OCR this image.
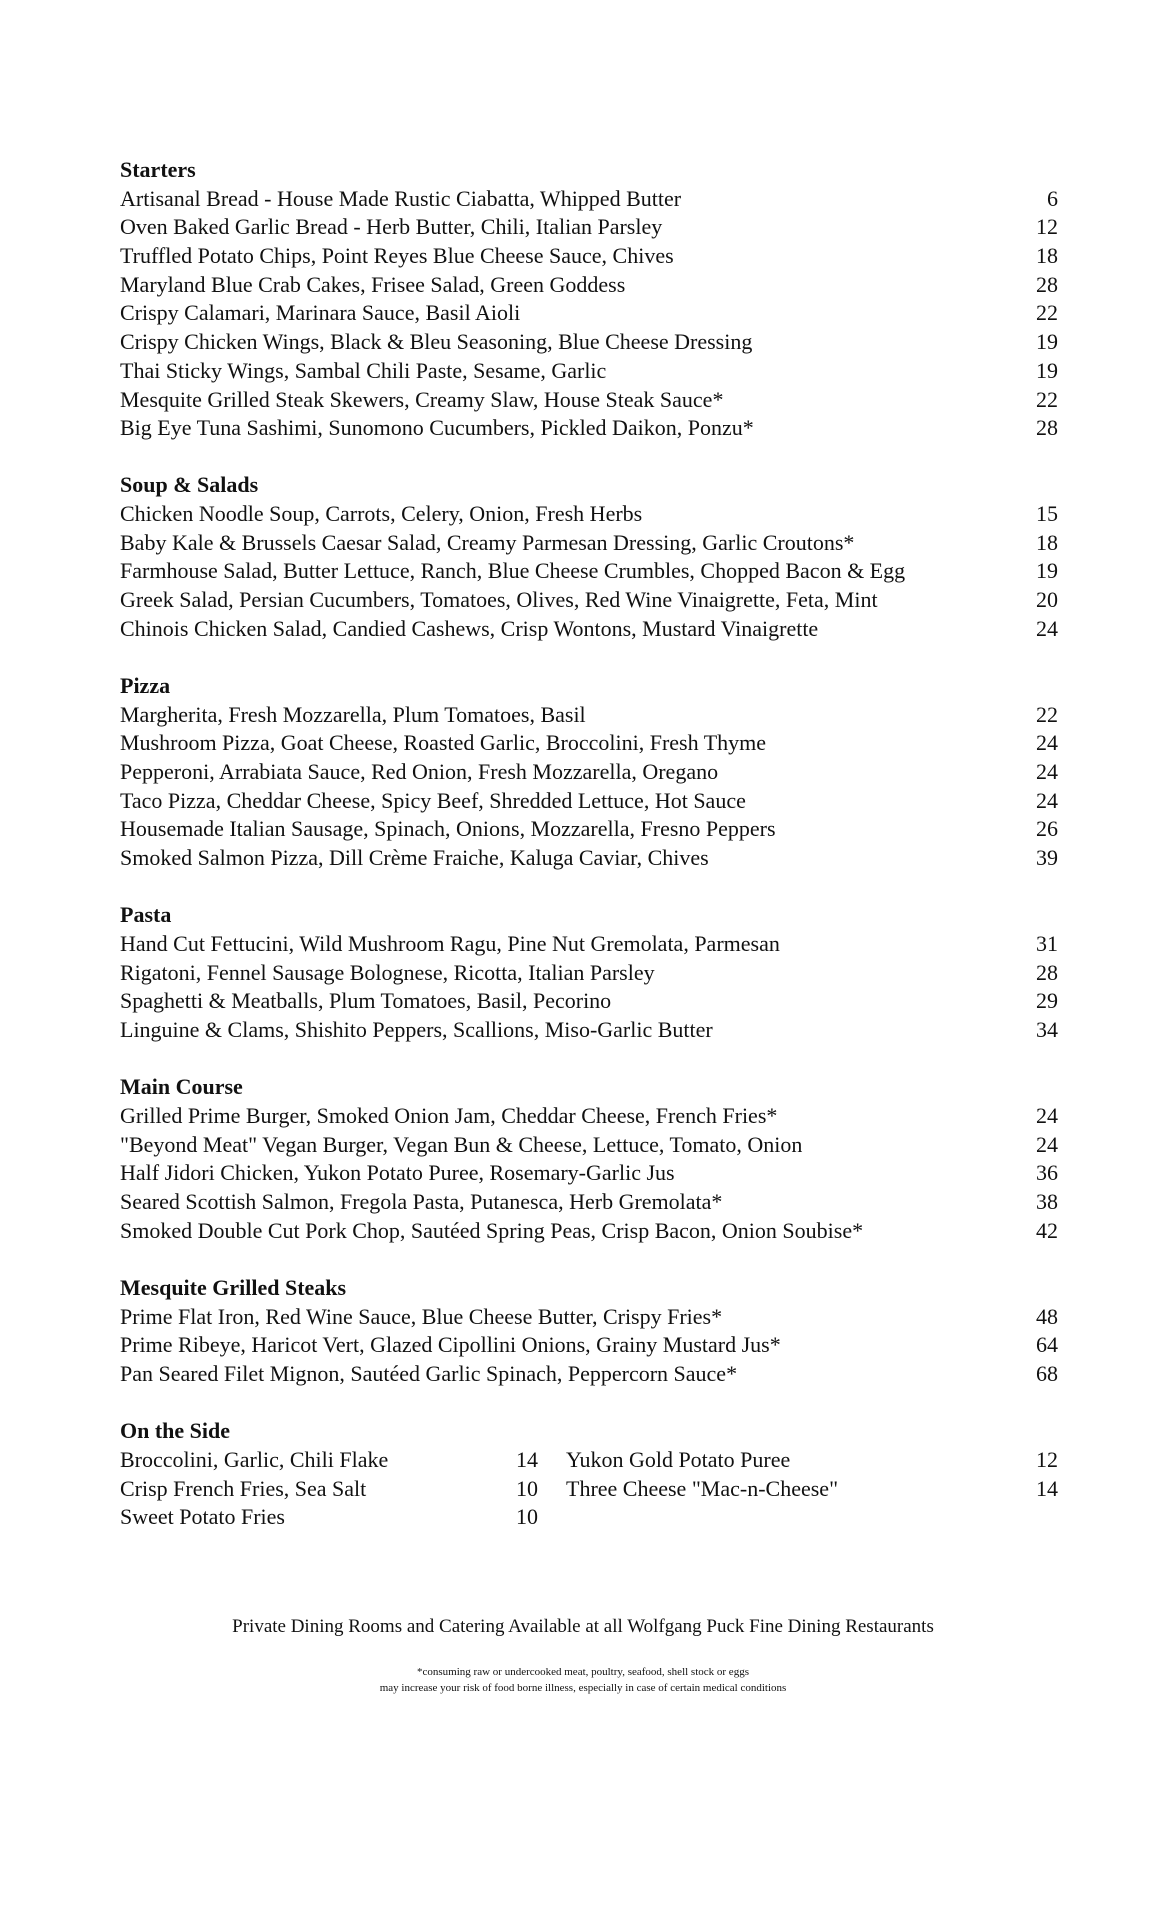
Starters
Artisanal Bread - House Made Rustic Ciabatta, Whipped Butter	6
Oven Baked Garlic Bread - Herb Butter, Chili, Italian Parsley	12
Truffled Potato Chips, Point Reyes Blue Cheese Sauce, Chives	18
Maryland Blue Crab Cakes, Frisee Salad, Green Goddess	28
Crispy Calamari, Marinara Sauce, Basil Aioli	22
Crispy Chicken Wings, Black & Bleu Seasoning, Blue Cheese Dressing	19
Thai Sticky Wings, Sambal Chili Paste, Sesame, Garlic	19
Mesquite Grilled Steak Skewers, Creamy Slaw, House Steak Sauce*	22
Big Eye Tuna Sashimi, Sunomono Cucumbers, Pickled Daikon, Ponzu*	28
Soup & Salads
Chicken Noodle Soup, Carrots, Celery, Onion, Fresh Herbs	15
Baby Kale & Brussels Caesar Salad, Creamy Parmesan Dressing, Garlic Croutons*	18
Farmhouse Salad, Butter Lettuce, Ranch, Blue Cheese Crumbles, Chopped Bacon & Egg	19
Greek Salad, Persian Cucumbers, Tomatoes, Olives, Red Wine Vinaigrette, Feta, Mint	20
Chinois Chicken Salad, Candied Cashews, Crisp Wontons, Mustard Vinaigrette	24
Pizza
Margherita, Fresh Mozzarella, Plum Tomatoes, Basil	22
Mushroom Pizza, Goat Cheese, Roasted Garlic, Broccolini, Fresh Thyme	24
Pepperoni, Arrabiata Sauce, Red Onion, Fresh Mozzarella, Oregano	24
Taco Pizza, Cheddar Cheese, Spicy Beef, Shredded Lettuce, Hot Sauce	24
Housemade Italian Sausage, Spinach, Onions, Mozzarella, Fresno Peppers	26
Smoked Salmon Pizza, Dill Crème Fraiche, Kaluga Caviar, Chives	39
Pasta
Hand Cut Fettucini, Wild Mushroom Ragu, Pine Nut Gremolata, Parmesan	31
Rigatoni, Fennel Sausage Bolognese, Ricotta, Italian Parsley	28
Spaghetti & Meatballs, Plum Tomatoes, Basil, Pecorino	29
Linguine & Clams, Shishito Peppers, Scallions, Miso-Garlic Butter	34
Main Course
Grilled Prime Burger, Smoked Onion Jam, Cheddar Cheese, French Fries*	24
"Beyond Meat" Vegan Burger, Vegan Bun & Cheese, Lettuce, Tomato, Onion	24
Half Jidori Chicken, Yukon Potato Puree, Rosemary-Garlic Jus	36
Seared Scottish Salmon, Fregola Pasta, Putanesca, Herb Gremolata*	38
Smoked Double Cut Pork Chop, Sautéed Spring Peas, Crisp Bacon, Onion Soubise*	42
Mesquite Grilled Steaks
Prime Flat Iron, Red Wine Sauce, Blue Cheese Butter, Crispy Fries*	48
Prime Ribeye, Haricot Vert, Glazed Cipollini Onions, Grainy Mustard Jus*	64
Pan Seared Filet Mignon, Sautéed Garlic Spinach, Peppercorn Sauce*	68
On the Side
Broccolini, Garlic, Chili Flake	14
Crisp French Fries, Sea Salt	10
Sweet Potato Fries	10
Yukon Gold Potato Puree	12
Three Cheese "Mac-n-Cheese"	14
Private Dining Rooms and Catering Available at all Wolfgang Puck Fine Dining Restaurants
*consuming raw or undercooked meat, poultry, seafood, shell stock or eggs
may increase your risk of food borne illness, especially in case of certain medical conditions
